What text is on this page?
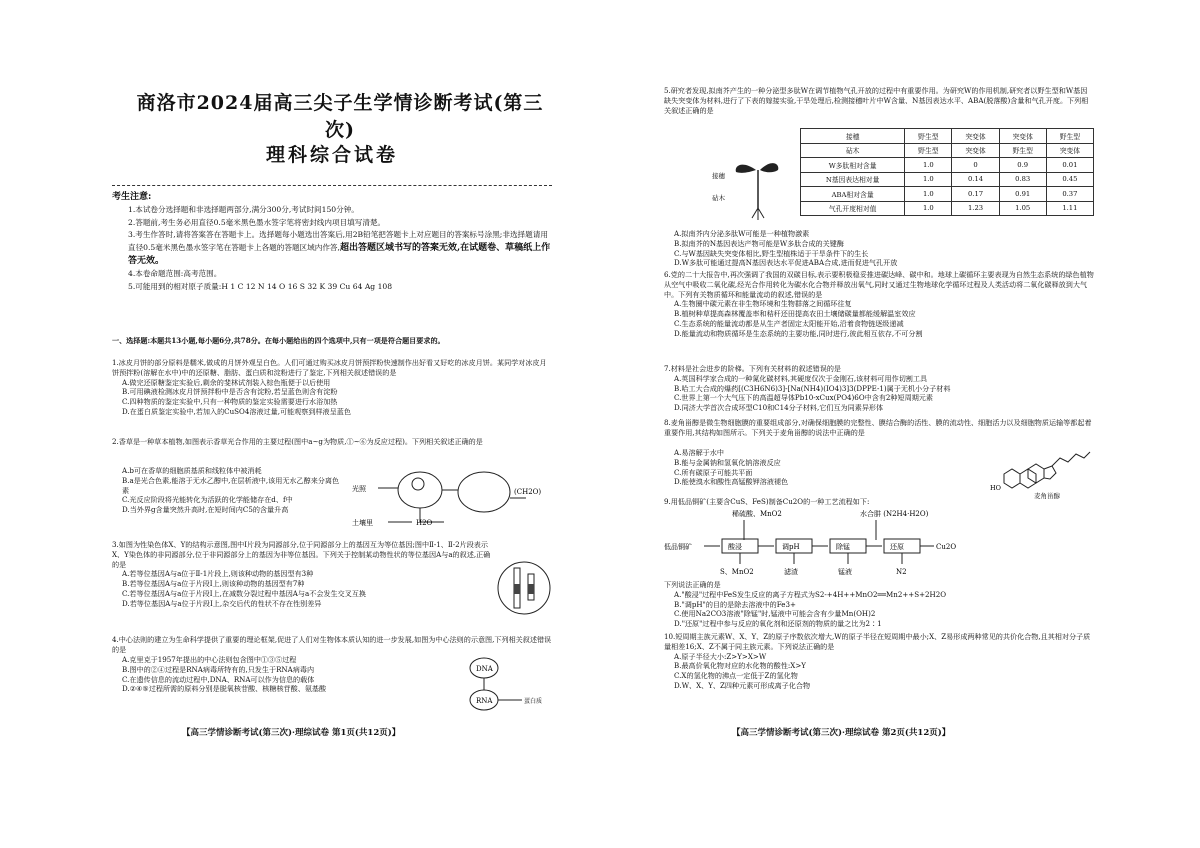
商洛市2024届高三尖子生学情诊断考试(第三次)
理科综合试卷
考生注意:
1.本试卷分选择题和非选择题两部分,满分300分,考试时间150分钟。
2.答题前,考生务必用直径0.5毫米黑色墨水签字笔将密封线内项目填写清楚。
3.考生作答时,请将答案答在答题卡上。选择题每小题选出答案后,用2B铅笔把答题卡上对应题目的答案标号涂黑;非选择题请用直径0.5毫米黑色墨水签字笔在答题卡上各题的答题区域内作答,超出答题区域书写的答案无效,在试题卷、草稿纸上作答无效。
4.本卷命题范围:高考范围。
5.可能用到的相对原子质量:H 1 C 12 N 14 O 16 S 32 K 39 Cu 64 Ag 108
一、选择题:本题共13小题,每小题6分,共78分。在每小题给出的四个选项中,只有一项是符合题目要求的。
1.冰皮月饼的部分原料是糯米,做成的月饼外观呈白色。人们可通过购买冰皮月饼预拌粉快速制作出好看又好吃的冰皮月饼。某同学对冰皮月饼预拌粉(溶解在水中)中的还原糖、脂肪、蛋白质和淀粉进行了鉴定,下列相关叙述错误的是
A.做完还原糖鉴定实验后,剩余的斐林试剂装入棕色瓶便于以后使用
B.可用碘液检测冰皮月饼预拌粉中是否含有淀粉,若呈蓝色则含有淀粉
C.四种物质的鉴定实验中,只有一种物质的鉴定实验需要进行水浴加热
D.在蛋白质鉴定实验中,若加入的CuSO4溶液过量,可能观察到样液呈蓝色
2.香草是一种草本植物,如图表示香草光合作用的主要过程(图中a~g为物质,①~⑥为反应过程)。下列相关叙述正确的是
A.b可在香草的细胞质基质和线粒体中被消耗
B.a是光合色素,能溶于无水乙醇中,在层析液中,该用无水乙醇来分离色素
C.光反应阶段将光能转化为活跃的化学能储存在d、f中
D.当外界g含量突然升高时,在短时间内C5的含量升高
光照
土壤里	H2O
(CH2O)
3.如图为性染色体X、Y的结构示意图,图中Ⅰ片段为同源部分,位于同源部分上的基因互为等位基因;图中Ⅱ-1、Ⅱ-2片段表示X、Y染色体的非同源部分,位于非同源部分上的基因为非等位基因。下列关于控制某动物性状的等位基因A与a的叙述,正确的是
A.若等位基因A与a位于Ⅱ-1片段上,则该种动物的基因型有3种
B.若等位基因A与a位于片段Ⅰ上,则该种动物的基因型有7种
C.若等位基因A与a位于片段Ⅰ上,在减数分裂过程中基因A与a不会发生交叉互换
D.若等位基因A与a位于片段Ⅰ上,杂交后代的性状不存在性别差异
4.中心法则的建立为生命科学提供了重要的理论框架,促进了人们对生物体本质认知的进一步发展,如图为中心法则的示意图,下列相关叙述错误的是
A.克里克于1957年提出的中心法则包含图中①③⑤过程
B.图中的②④过程是RNA病毒所特有的,只发生于RNA病毒内
C.在遗传信息的流动过程中,DNA、RNA可以作为信息的载体
D.②④⑤过程所需的原料分别是脱氧核苷酸、核糖核苷酸、氨基酸
DNA
RNA	蛋白质
【高三学情诊断考试(第三次)·理综试卷 第1页(共12页)】
5.研究者发现,拟南芥产生的一种分泌型多肽W在调节植物气孔开放的过程中有重要作用。为研究W的作用机制,研究者以野生型和W基因缺失突变体为材料,进行了下表的嫁接实验,干旱处理后,检测接穗叶片中W含量、N基因表达水平、ABA(脱落酸)含量和气孔开度。下列相关叙述正确的是
接穗
砧木
接穗	野生型	突变体	突变体	野生型
砧木	野生型	突变体	野生型	突变体
W多肽相对含量	1.0	0	0.9	0.01
N基因表达相对量	1.0	0.14	0.83	0.45
ABA相对含量	1.0	0.17	0.91	0.37
气孔开度相对值	1.0	1.23	1.05	1.11
A.拟南芥内分泌多肽W可能是一种植物激素
B.拟南芥的N基因表达产物可能是W多肽合成的关键酶
C.与W基因缺失突变体相比,野生型植株适于干旱条件下的生长
D.W多肽可能通过提高N基因表达水平促进ABA合成,进而促进气孔开放
6.党的二十大报告中,再次强调了我国的双碳目标,表示要积极稳妥推进碳达峰、碳中和。地球上碳循环主要表现为自然生态系统的绿色植物从空气中吸收二氧化碳,经光合作用转化为碳水化合物并释放出氧气,同时又通过生物地球化学循环过程及人类活动将二氧化碳释放到大气中。下列有关物质循环和能量流动的叙述,错误的是
A.生物圈中碳元素在非生物环境和生物群落之间循环往复
B.植树种草提高森林覆盖率和秸秆还田提高农田土壤储碳量都能缓解温室效应
C.生态系统的能量流动都是从生产者固定太阳能开始,沿着食物链逐级递减
D.能量流动和物质循环是生态系统的主要功能,同时进行,彼此相互依存,不可分割
7.材料是社会进步的阶梯。下列有关材料的叙述错误的是
A.英国科学家合成的一种氮化碳材料,其硬度仅次于金刚石,该材料可用作切割工具
B.哈工大合成的爆药[(C3H6N6)3]-[Na(NH4)(IO4)3]3(DPPE-1)属于无机小分子材料
C.世界上第一个大气压下的高温超导体Pb10-xCux(PO4)6O中含有2种短周期元素
D.同济大学首次合成环型C10和C14分子材料,它们互为同素异形体
8.麦角甾醇是微生物细胞膜的重要组成部分,对确保细胞膜的完整性、膜结合酶的活性、膜的流动性、细胞活力以及细胞物质运输等都起着重要作用,其结构如图所示。下列关于麦角甾醇的说法中正确的是
A.易溶解于水中
B.能与金属钠和氢氧化钠溶液反应
C.所有碳原子可能共平面
D.能使溴水和酸性高锰酸钾溶液褪色
HO
麦角甾醇
9.用低品铜矿(主要含CuS、FeS)制备Cu2O的一种工艺流程如下:
稀硫酸、MnO2	水合肼 (N2H4·H2O)
低品铜矿	酸浸	调pH	除锰	还原	Cu2O
S、MnO2	滤渣	锰液	N2
下列说法正确的是
A."酸浸"过程中FeS发生反应的离子方程式为S2-+4H++MnO2══Mn2++S+2H2O
B."调pH"的目的是除去溶液中的Fe3+
C.使用Na2CO3溶液"除锰"时,锰液中可能会含有少量Mn(OH)2
D."还原"过程中参与反应的氧化剂和还原剂的物质的量之比为2∶1
10.短周期主族元素W、X、Y、Z的原子序数依次增大,W的原子半径在短周期中最小;X、Z易形成两种常见的共价化合物,且其相对分子质量相差16;X、Z不属于同主族元素。下列说法正确的是
A.原子半径大小:Z>Y>X>W
B.最高价氧化物对应的水化物的酸性:X>Y
C.X的氢化物的沸点一定低于Z的氢化物
D.W、X、Y、Z四种元素可形成离子化合物
【高三学情诊断考试(第三次)·理综试卷 第2页(共12页)】
